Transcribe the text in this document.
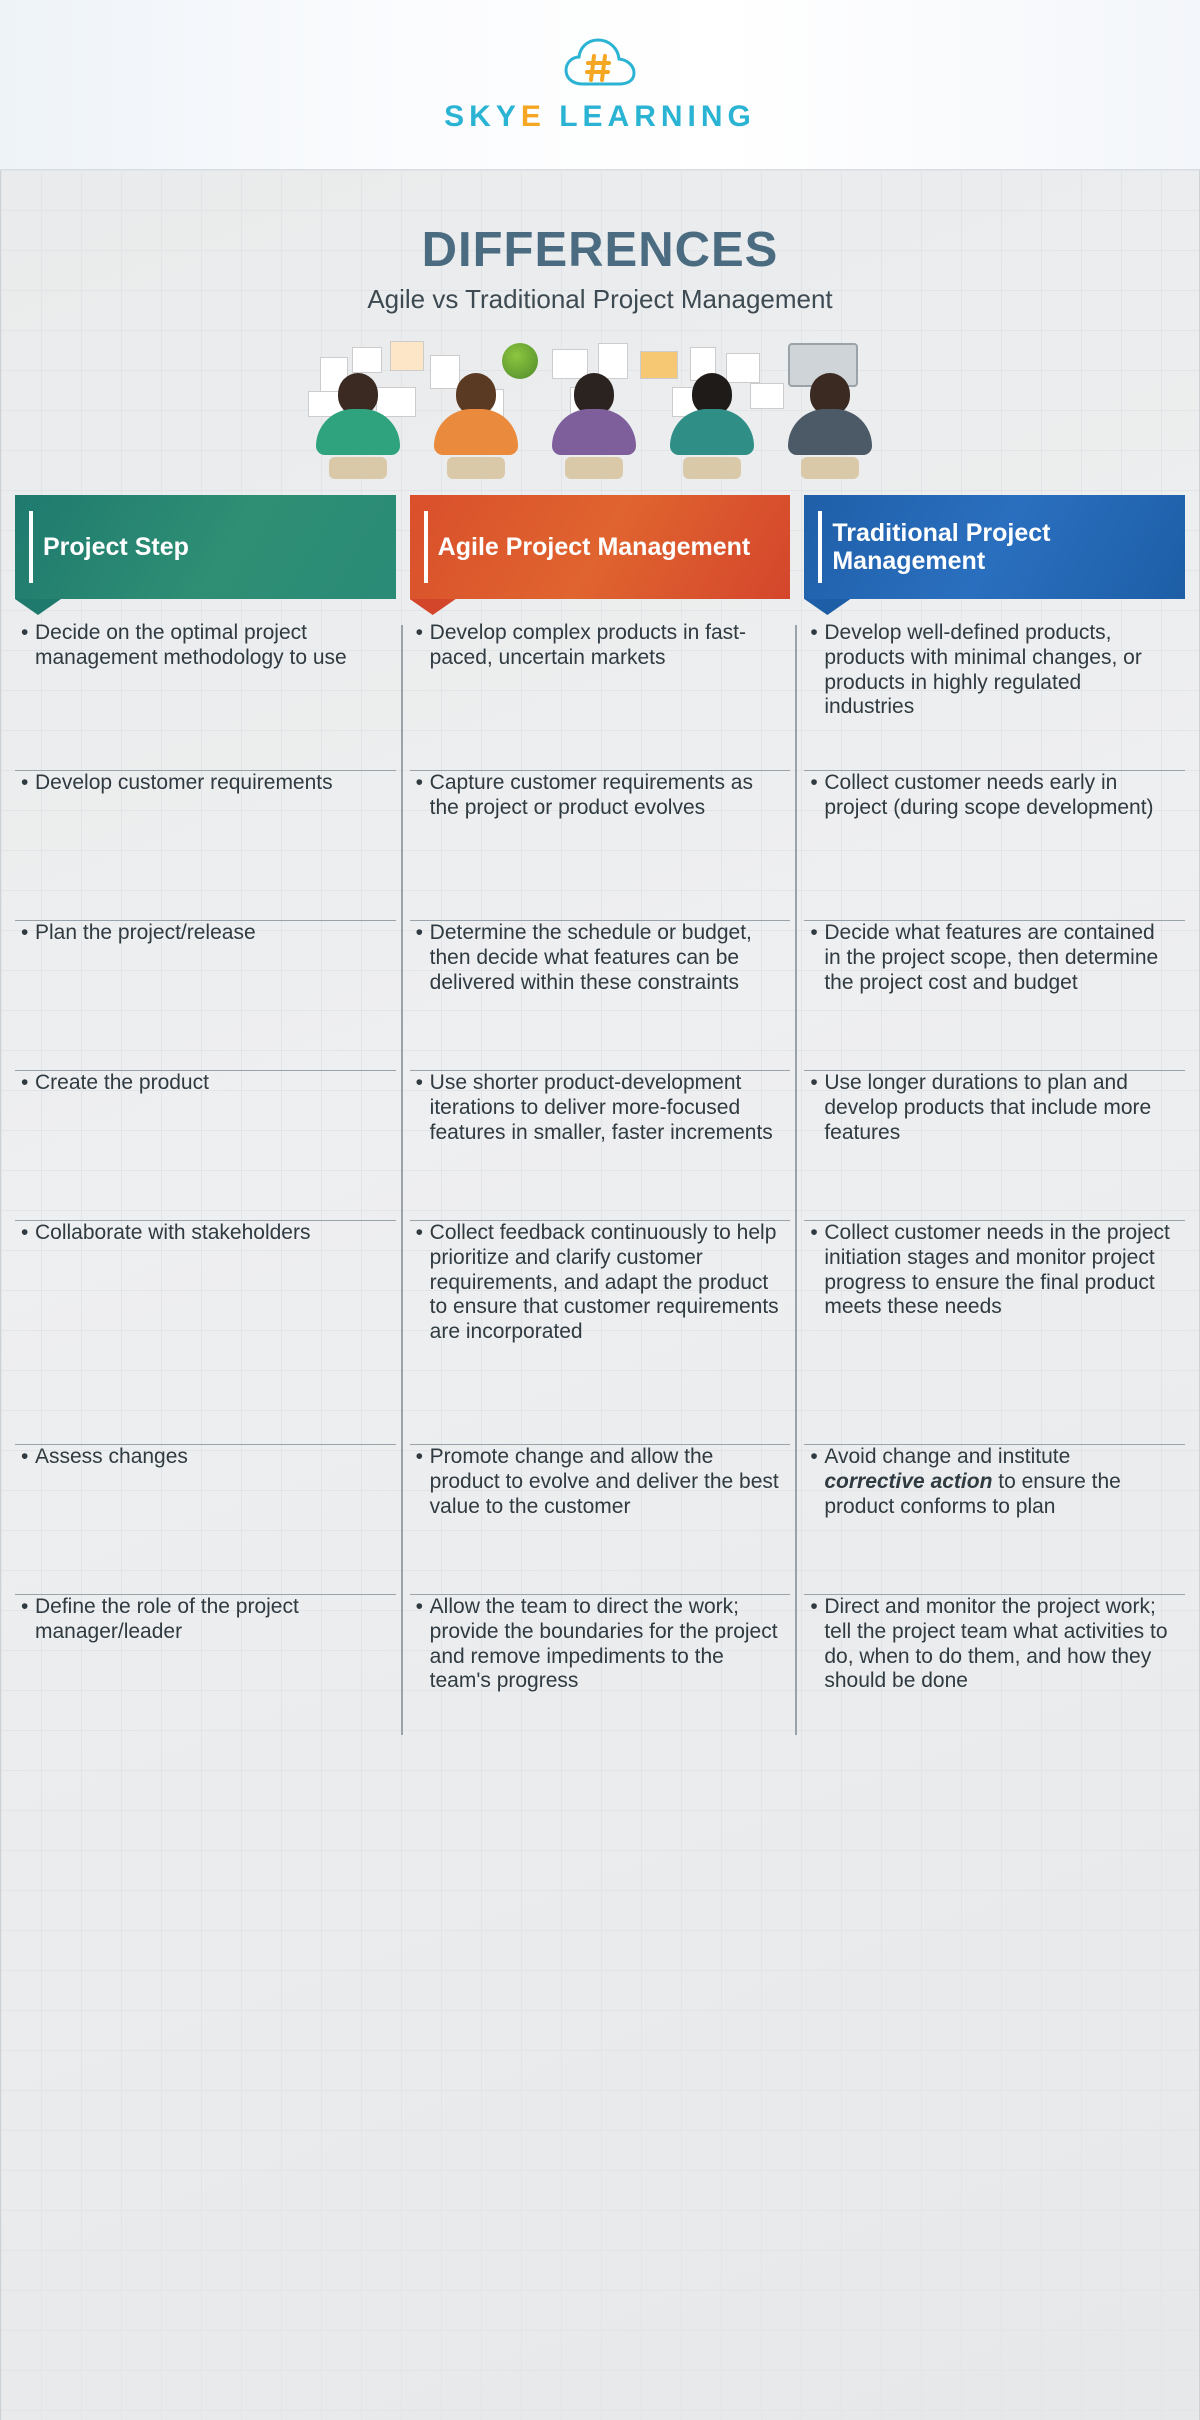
SKYE LEARNING
DIFFERENCES
Agile vs Traditional Project Management
Project Step
• Decide on the optimal project management methodology to use
• Develop customer requirements
• Plan the project/release
• Create the product
• Collaborate with stakeholders
• Assess changes
• Define the role of the project manager/leader
Agile Project Management
• Develop complex products in fast-paced, uncertain markets
• Capture customer requirements as the project or product evolves
• Determine the schedule or budget, then decide what features can be delivered within these constraints
• Use shorter product-development iterations to deliver more-focused features in smaller, faster increments
• Collect feedback continuously to help prioritize and clarify customer requirements, and adapt the product to ensure that customer requirements are incorporated
• Promote change and allow the product to evolve and deliver the best value to the customer
• Allow the team to direct the work; provide the boundaries for the project and remove impediments to the team's progress
Traditional Project Management
• Develop well-defined products, products with minimal changes, or products in highly regulated industries
• Collect customer needs early in project (during scope development)
• Decide what features are contained in the project scope, then determine the project cost and budget
• Use longer durations to plan and develop products that include more features
• Collect customer needs in the project initiation stages and monitor project progress to ensure the final product meets these needs
• Avoid change and institute corrective action to ensure the product conforms to plan
• Direct and monitor the project work; tell the project team what activities to do, when to do them, and how they should be done
